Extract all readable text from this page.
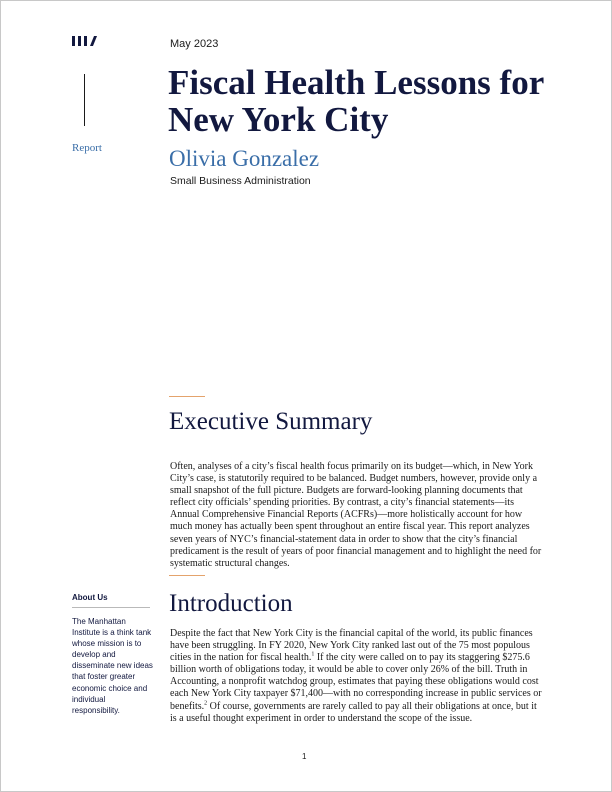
Report
May 2023
Fiscal Health Lessons for New York City
Olivia Gonzalez
Small Business Administration
Executive Summary

Often, analyses of a city’s fiscal health focus primarily on its budget—which, in New York City’s case, is statutorily required to be balanced. Budget numbers, however, provide only a small snapshot of the full picture. Budgets are forward-looking planning documents that reflect city officials’ spending priorities. By contrast, a city’s financial statements—its Annual Comprehensive Financial Reports (ACFRs)—more holistically account for how much money has actually been spent throughout an entire fiscal year. This report analyzes seven years of NYC’s financial-statement data in order to show that the city’s financial predicament is the result of years of poor financial management and to highlight the need for systematic structural changes.

Introduction

Despite the fact that New York City is the financial capital of the world, its public finances have been struggling. In FY 2020, New York City ranked last out of the 75 most populous cities in the nation for fiscal health.$^1$ If the city were called on to pay its staggering $275.6 billion worth of obligations today, it would be able to cover only 26% of the bill. Truth in Accounting, a nonprofit watchdog group, estimates that paying these obligations would cost each New York City taxpayer $71,400—with no corresponding increase in public services or benefits.$^2$ Of course, governments are rarely called to pay all their obligations at once, but it is a useful thought experiment in order to understand the scope of the issue.

About Us

The Manhattan Institute is a think tank whose mission is to develop and disseminate new ideas that foster greater economic choice and individual responsibility.

1
